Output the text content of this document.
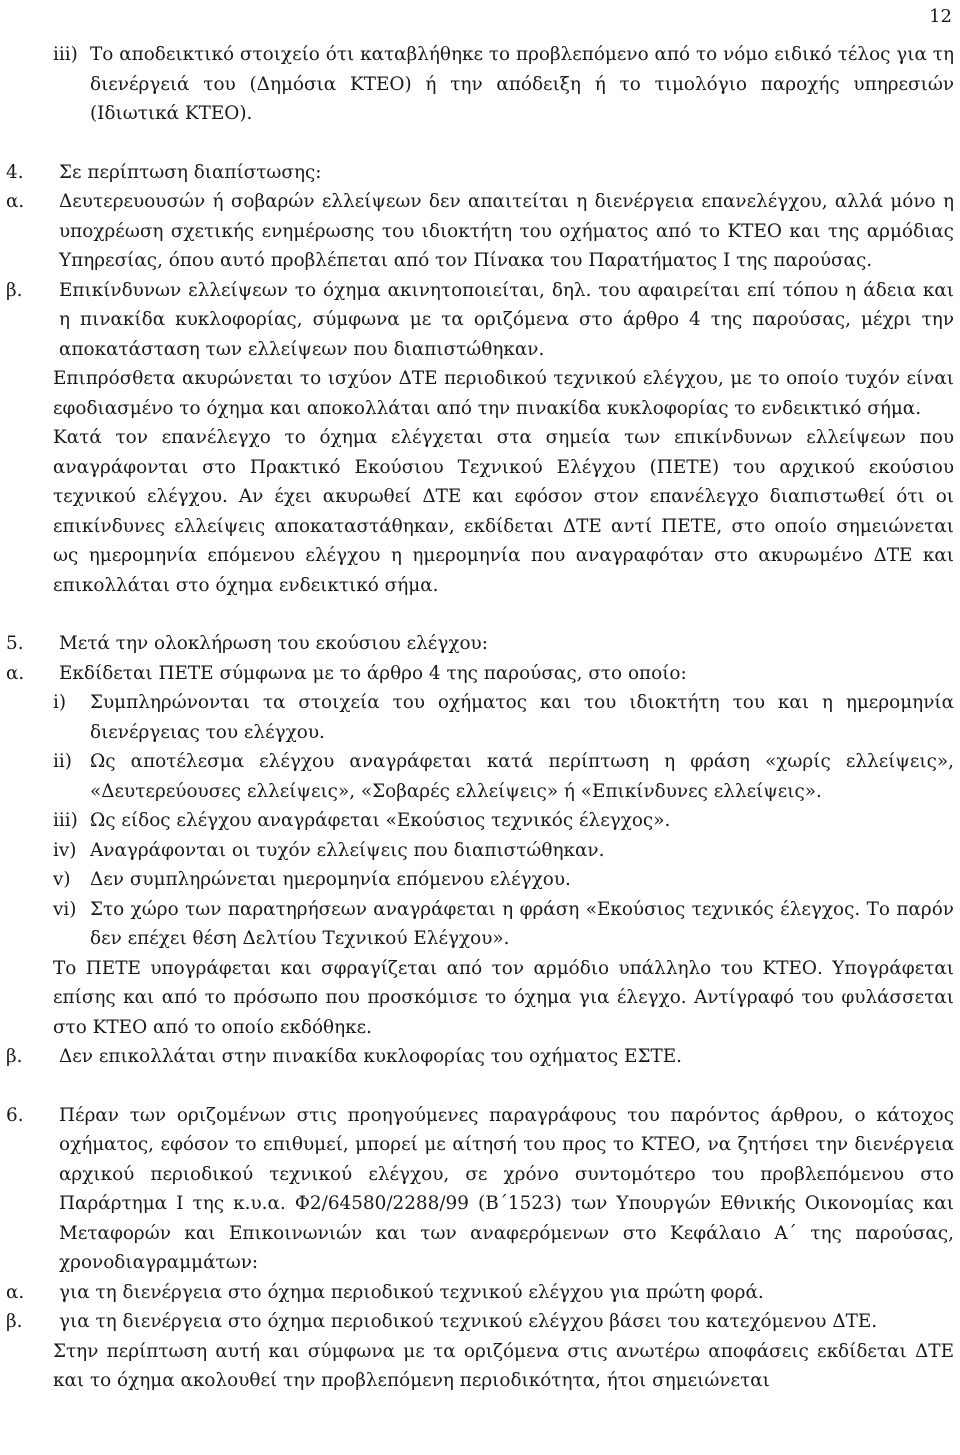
12
iii) Το αποδεικτικό στοιχείο ότι καταβλήθηκε το προβλεπόμενο από το νόμο ειδικό τέλος για τη διενέργειά του (Δημόσια ΚΤΕΟ) ή την απόδειξη ή το τιμολόγιο παροχής υπηρεσιών (Ιδιωτικά ΚΤΕΟ).
4.	Σε περίπτωση διαπίστωσης:
α.	Δευτερευουσών ή σοβαρών ελλείψεων δεν απαιτείται η διενέργεια επανελέγχου, αλλά μόνο η υποχρέωση σχετικής ενημέρωσης του ιδιοκτήτη του οχήματος από το ΚΤΕΟ και της αρμόδιας Υπηρεσίας, όπου αυτό προβλέπεται από τον Πίνακα του Παρατήματος Ι της παρούσας.
β.	Επικίνδυνων ελλείψεων το όχημα ακινητοποιείται, δηλ. του αφαιρείται επί τόπου η άδεια και η πινακίδα κυκλοφορίας, σύμφωνα με τα οριζόμενα στο άρθρο 4 της παρούσας, μέχρι την αποκατάσταση των ελλείψεων που διαπιστώθηκαν.
Επιπρόσθετα ακυρώνεται το ισχύον ΔΤΕ περιοδικού τεχνικού ελέγχου, με το οποίο τυχόν είναι εφοδιασμένο το όχημα και αποκολλάται από την πινακίδα κυκλοφορίας το ενδεικτικό σήμα.
Κατά τον επανέλεγχο το όχημα ελέγχεται στα σημεία των επικίνδυνων ελλείψεων που αναγράφονται στο Πρακτικό Εκούσιου Τεχνικού Ελέγχου (ΠΕΤΕ) του αρχικού εκούσιου τεχνικού ελέγχου. Αν έχει ακυρωθεί ΔΤΕ και εφόσον στον επανέλεγχο διαπιστωθεί ότι οι επικίνδυνες ελλείψεις αποκαταστάθηκαν, εκδίδεται ΔΤΕ αντί ΠΕΤΕ, στο οποίο σημειώνεται ως ημερομηνία επόμενου ελέγχου η ημερομηνία που αναγραφόταν στο ακυρωμένο ΔΤΕ και επικολλάται στο όχημα ενδεικτικό σήμα.
5.	Μετά την ολοκλήρωση του εκούσιου ελέγχου:
α.	Εκδίδεται ΠΕΤΕ σύμφωνα με το άρθρο 4 της παρούσας, στο οποίο:
i)	Συμπληρώνονται τα στοιχεία του οχήματος και του ιδιοκτήτη του και η ημερομηνία διενέργειας του ελέγχου.
ii) Ως αποτέλεσμα ελέγχου αναγράφεται κατά περίπτωση η φράση «χωρίς ελλείψεις», «Δευτερεύουσες ελλείψεις», «Σοβαρές ελλείψεις» ή «Επικίνδυνες ελλείψεις».
iii) Ως είδος ελέγχου αναγράφεται «Εκούσιος τεχνικός έλεγχος».
iv) Αναγράφονται οι τυχόν ελλείψεις που διαπιστώθηκαν.
v)	Δεν συμπληρώνεται ημερομηνία επόμενου ελέγχου.
vi) Στο χώρο των παρατηρήσεων αναγράφεται η φράση «Εκούσιος τεχνικός έλεγχος. Το παρόν δεν επέχει θέση Δελτίου Τεχνικού Ελέγχου».
Το ΠΕΤΕ υπογράφεται και σφραγίζεται από τον αρμόδιο υπάλληλο του ΚΤΕΟ. Υπογράφεται επίσης και από το πρόσωπο που προσκόμισε το όχημα για έλεγχο. Αντίγραφό του φυλάσσεται στο ΚΤΕΟ από το οποίο εκδόθηκε.
β.	Δεν επικολλάται στην πινακίδα κυκλοφορίας του οχήματος ΕΣΤΕ.
6.	Πέραν των οριζομένων στις προηγούμενες παραγράφους του παρόντος άρθρου, ο κάτοχος οχήματος, εφόσον το επιθυμεί, μπορεί με αίτησή του προς το ΚΤΕΟ, να ζητήσει την διενέργεια αρχικού περιοδικού τεχνικού ελέγχου, σε χρόνο συντομότερο του προβλεπόμενου στο Παράρτημα Ι της κ.υ.α. Φ2/64580/2288/99 (Β΄1523) των Υπουργών Εθνικής Οικονομίας και Μεταφορών και Επικοινωνιών και των αναφερόμενων στο Κεφάλαιο Α΄ της παρούσας, χρονοδιαγραμμάτων:
α.	για τη διενέργεια στο όχημα περιοδικού τεχνικού ελέγχου για πρώτη φορά.
β.	για τη διενέργεια στο όχημα περιοδικού τεχνικού ελέγχου βάσει του κατεχόμενου ΔΤΕ.
Στην περίπτωση αυτή και σύμφωνα με τα οριζόμενα στις ανωτέρω αποφάσεις εκδίδεται ΔΤΕ και το όχημα ακολουθεί την προβλεπόμενη περιοδικότητα, ήτοι σημειώνεται
